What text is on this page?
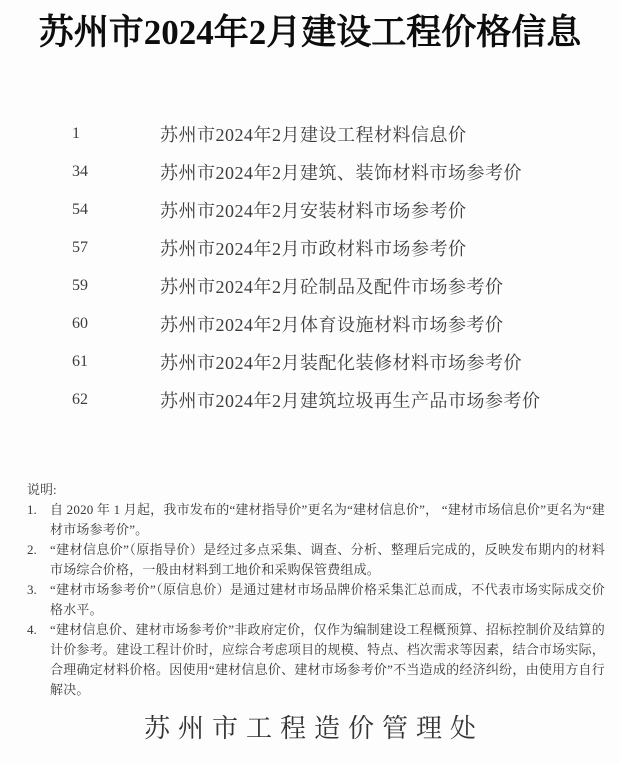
苏州市2024年2月建设工程价格信息
1	苏州市2024年2月建设工程材料信息价
34	苏州市2024年2月建筑、装饰材料市场参考价
54	苏州市2024年2月安装材料市场参考价
57	苏州市2024年2月市政材料市场参考价
59	苏州市2024年2月砼制品及配件市场参考价
60	苏州市2024年2月体育设施材料市场参考价
61	苏州市2024年2月装配化装修材料市场参考价
62	苏州市2024年2月建筑垃圾再生产品市场参考价
说明:
1.	自 2020 年 1 月起，我市发布的“建材指导价”更名为“建材信息价”， “建材市场信息价”更名为“建材市场参考价”。
2.	“建材信息价”（原指导价）是经过多点采集、调查、分析、整理后完成的，反映发布期内的材料市场综合价格，一般由材料到工地价和采购保管费组成。
3.	“建材市场参考价”（原信息价）是通过建材市场品牌价格采集汇总而成，不代表市场实际成交价格水平。
4.	“建材信息价、建材市场参考价”非政府定价，仅作为编制建设工程概预算、招标控制价及结算的计价参考。建设工程计价时，应综合考虑项目的规模、特点、档次需求等因素，结合市场实际，合理确定材料价格。因使用“建材信息价、建材市场参考价”不当造成的经济纠纷，由使用方自行解决。
苏州市工程造价管理处
